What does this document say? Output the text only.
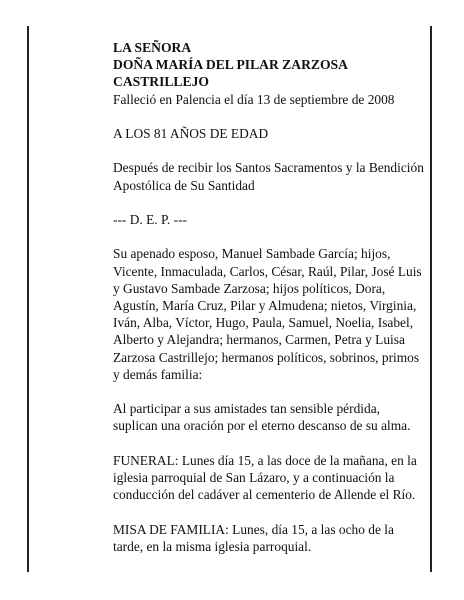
LA SEÑORA

DOÑA MARÍA DEL PILAR ZARZOSA

CASTRILLEJO

Falleció en Palencia el día 13 de septiembre de 2008

A LOS 81 AÑOS DE EDAD

Después de recibir los Santos Sacramentos y la Bendición Apostólica de Su Santidad

--- D. E. P. ---

Su apenado esposo, Manuel Sambade García; hijos, Vicente, Inmaculada, Carlos, César, Raúl, Pilar, José Luis y Gustavo Sambade Zarzosa; hijos políticos, Dora, Agustín, María Cruz, Pilar y Almudena; nietos, Virginia, Iván, Alba, Víctor, Hugo, Paula, Samuel, Noelia, Isabel, Alberto y Alejandra; hermanos, Carmen, Petra y Luisa Zarzosa Castrillejo; hermanos políticos, sobrinos, primos y demás familia:

Al participar a sus amistades tan sensible pérdida, suplican una oración por el eterno descanso de su alma.

FUNERAL: Lunes día 15, a las doce de la mañana, en la iglesia parroquial de San Lázaro, y a continuación la conducción del cadáver al cementerio de Allende el Río.

MISA DE FAMILIA: Lunes, día 15, a las ocho de la tarde, en la misma iglesia parroquial.
